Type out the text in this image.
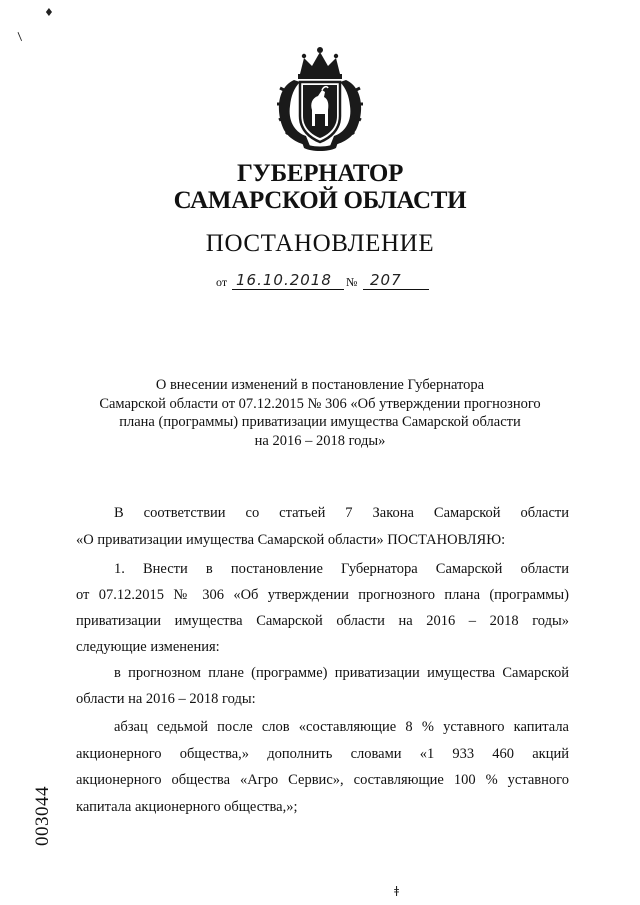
♦
/
ǂ
ГУБЕРНАТОР
САМАРСКОЙ ОБЛАСТИ
ПОСТАНОВЛЕНИЕ
от 16.10.2018 № 207
О внесении изменений в постановление Губернатора
Самарской области от 07.12.2015 № 306 «Об утверждении прогнозного
плана (программы) приватизации имущества Самарской области
на 2016 – 2018 годы»
В соответствии со статьей 7 Закона Самарской области
«О приватизации имущества Самарской области» ПОСТАНОВЛЯЮ:
1. Внести в постановление Губернатора Самарской области
от 07.12.2015 № 306 «Об утверждении прогнозного плана (программы)
приватизации имущества Самарской области на 2016 – 2018 годы»
следующие изменения:
в прогнозном плане (программе) приватизации имущества Самарской
области на 2016 – 2018 годы:
абзац седьмой после слов «составляющие 8 % уставного капитала
акционерного общества,» дополнить словами «1 933 460 акций
акционерного общества «Агро Сервис», составляющие 100 % уставного
капитала акционерного общества,»;
003044
